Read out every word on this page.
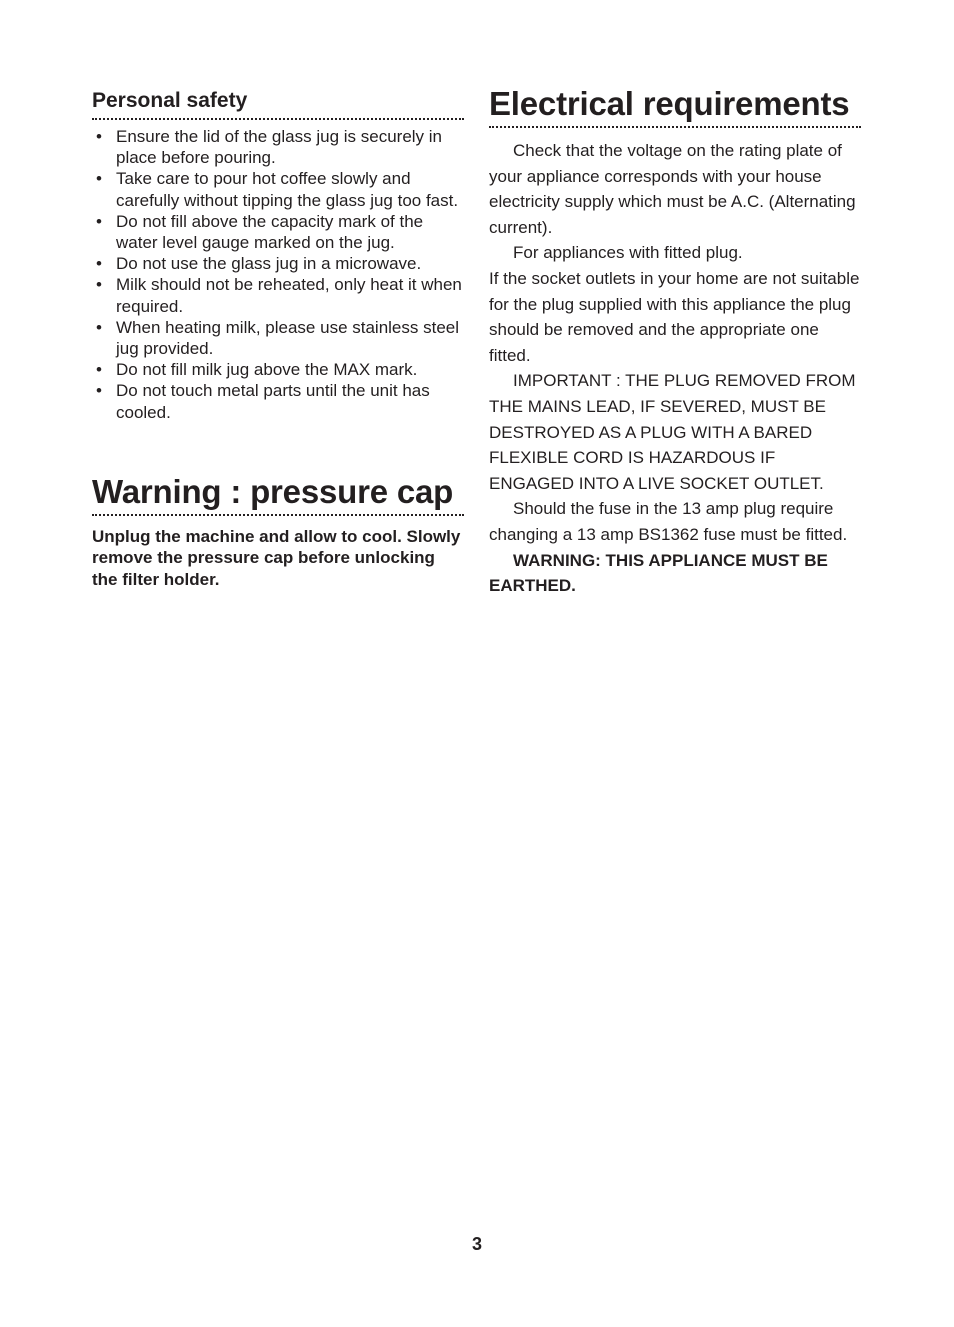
Personal safety
• Ensure the lid of the glass jug is securely in place before pouring.
• Take care to pour hot coffee slowly and carefully without tipping the glass jug too fast.
• Do not fill above the capacity mark of the water level gauge marked on the jug.
• Do not use the glass jug in a microwave.
• Milk should not be reheated, only heat it when required.
• When heating milk, please use stainless steel jug provided.
• Do not fill milk jug above the MAX mark.
• Do not touch metal parts until the unit has cooled.
Warning : pressure cap

Unplug the machine and allow to cool. Slowly remove the pressure cap before unlocking the filter holder.

Electrical requirements

Check that the voltage on the rating plate of your appliance corresponds with your house electricity supply which must be A.C. (Alternating current).

For appliances with fitted plug.

If the socket outlets in your home are not suitable for the plug supplied with this appliance the plug should be removed and the appropriate one fitted.

IMPORTANT : THE PLUG REMOVED FROM THE MAINS LEAD, IF SEVERED, MUST BE DESTROYED AS A PLUG WITH A BARED FLEXIBLE CORD IS HAZARDOUS IF ENGAGED INTO A LIVE SOCKET OUTLET.

Should the fuse in the 13 amp plug require changing a 13 amp BS1362 fuse must be fitted.

WARNING: THIS APPLIANCE MUST BE EARTHED.

3
